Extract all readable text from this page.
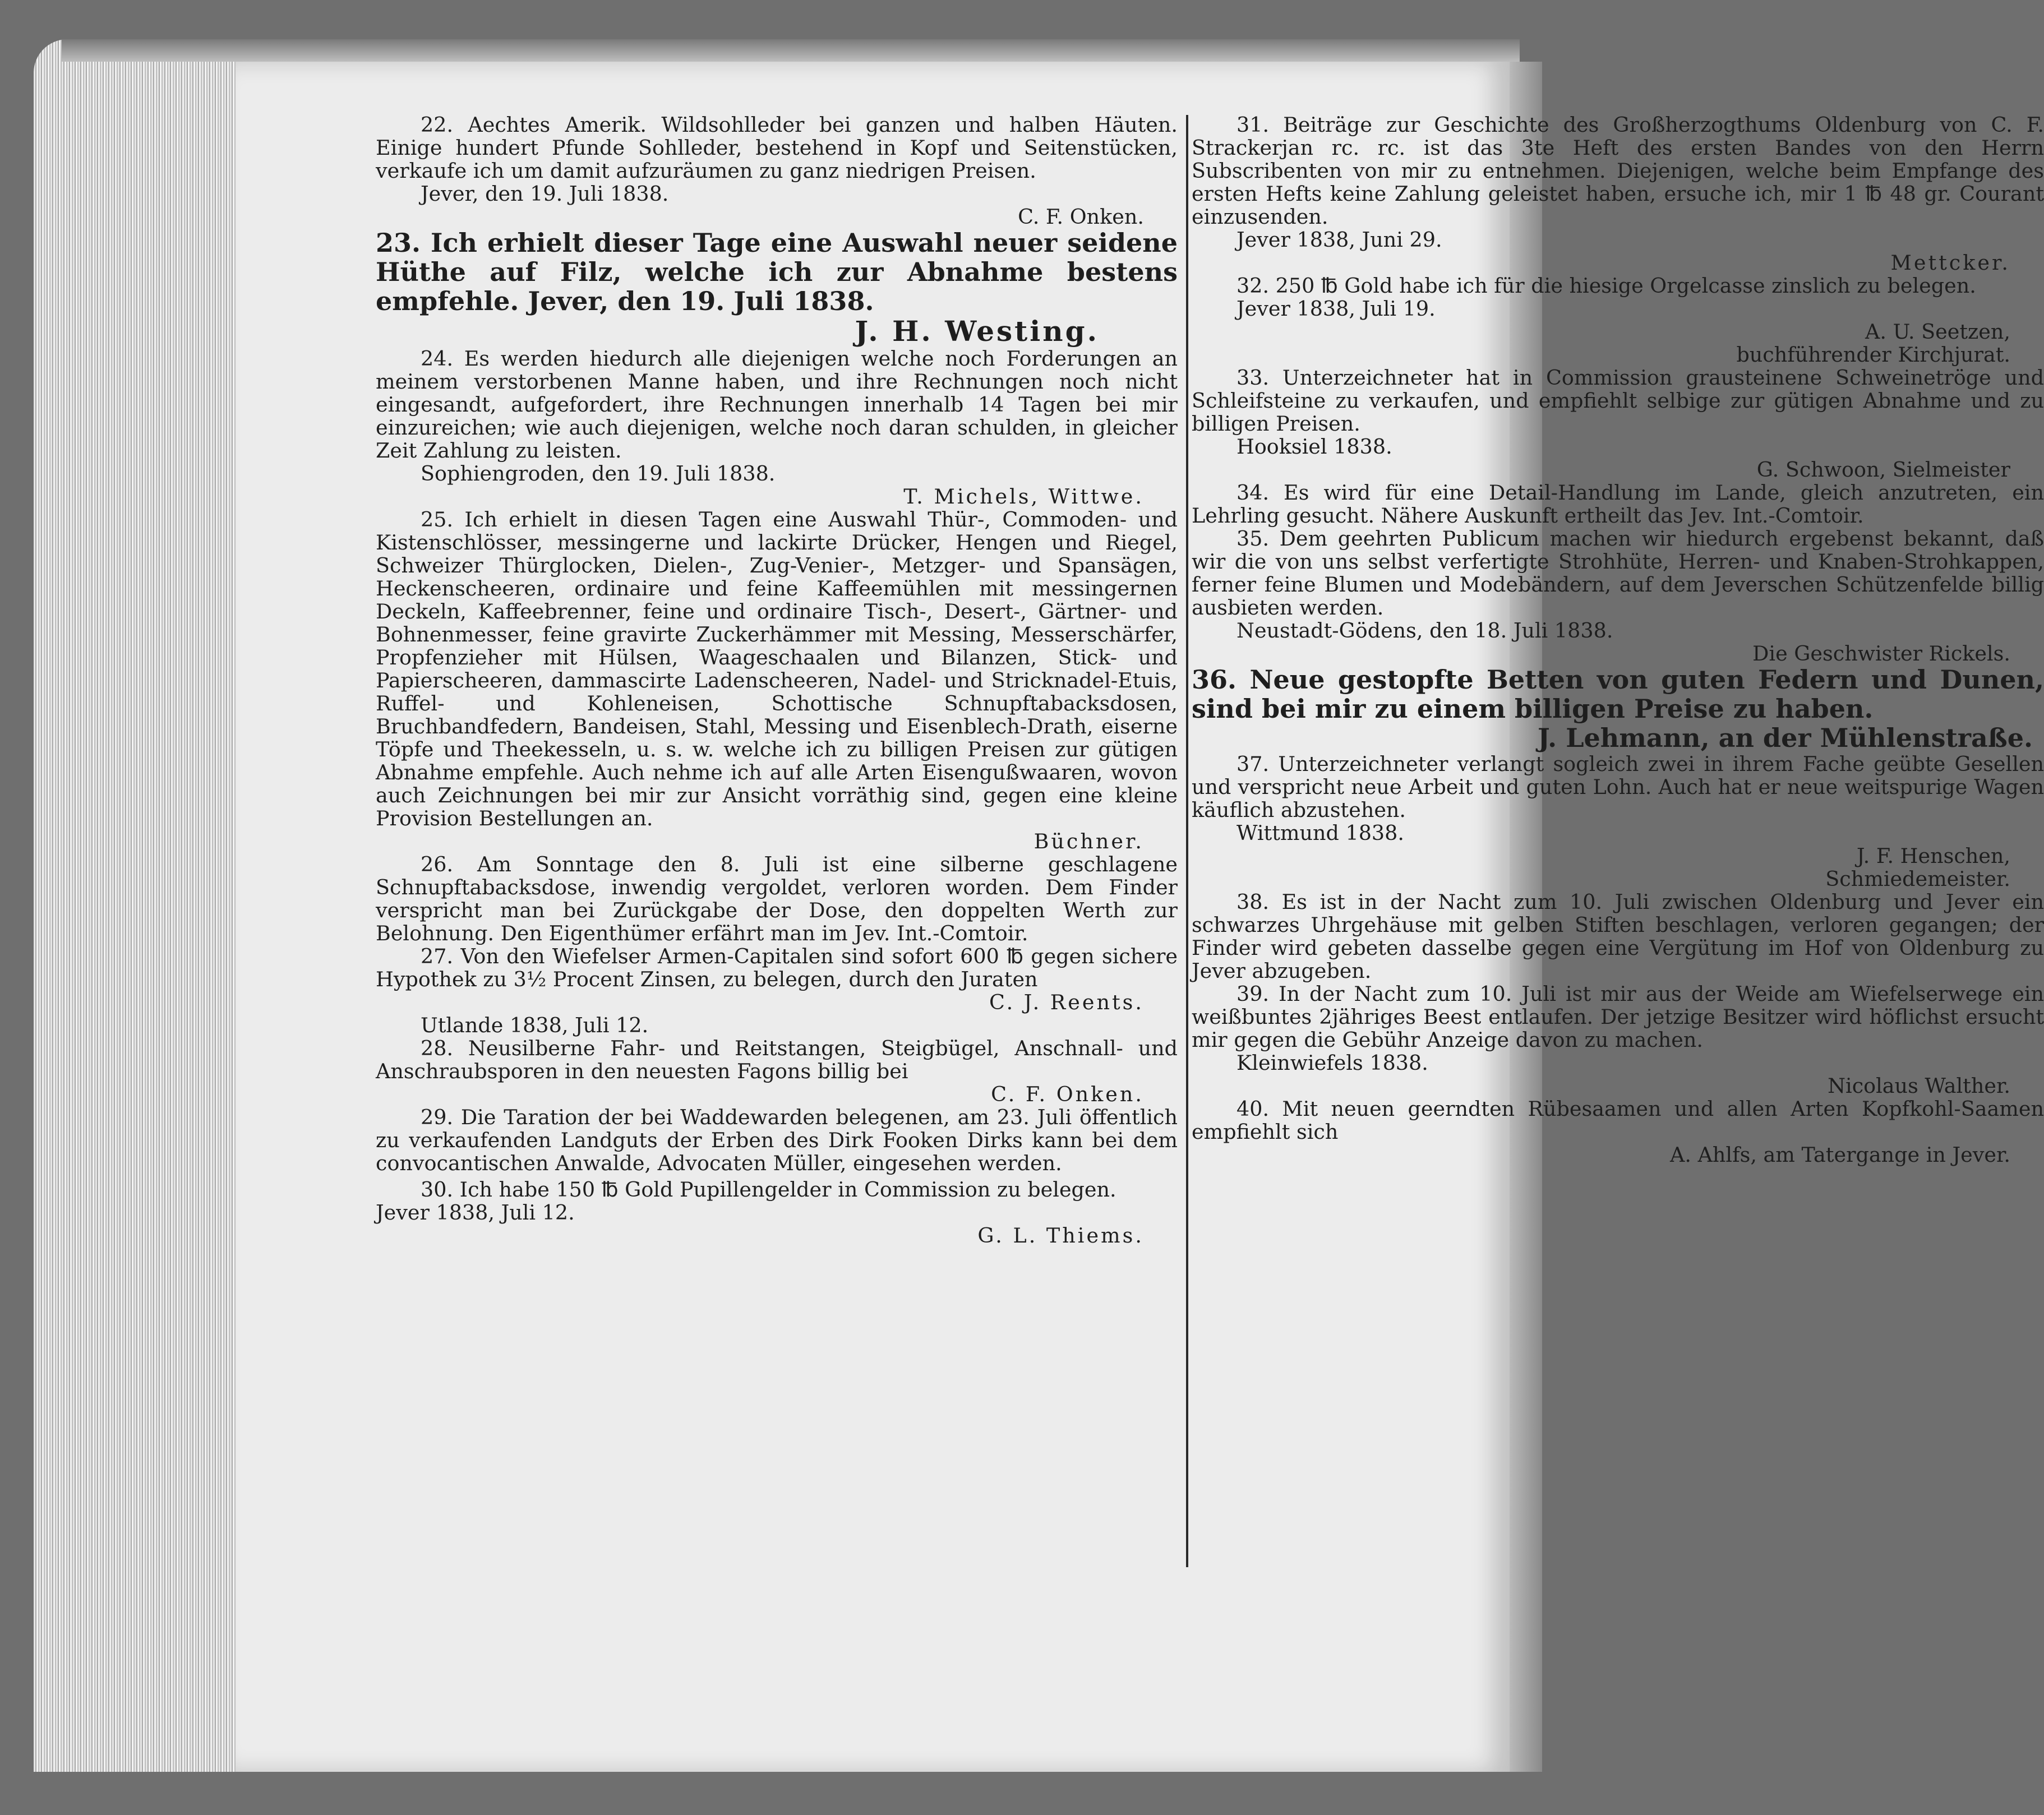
22. Aechtes Amerik. Wildsohlleder bei ganzen und halben Häuten. Einige hundert Pfunde Sohlleder, bestehend in Kopf und Seitenstücken, verkaufe ich um damit aufzuräumen zu ganz niedrigen Preisen.

Jever, den 19. Juli 1838.

C. F. Onken.

23. Ich erhielt dieser Tage eine Auswahl neuer seidene Hüthe auf Filz, welche ich zur Abnahme bestens empfehle. Jever, den 19. Juli 1838.

J. H. Westing.

24. Es werden hiedurch alle diejenigen welche noch Forderungen an meinem verstorbenen Manne haben, und ihre Rechnungen noch nicht eingesandt, aufgefordert, ihre Rechnungen innerhalb 14 Tagen bei mir einzureichen; wie auch diejenigen, welche noch daran schulden, in gleicher Zeit Zahlung zu leisten.

Sophiengroden, den 19. Juli 1838.

T. Michels, Wittwe.

25. Ich erhielt in diesen Tagen eine Auswahl Thür-, Commoden- und Kistenschlösser, messingerne und lackirte Drücker, Hengen und Riegel, Schweizer Thürglocken, Dielen-, Zug-Venier-, Metzger- und Spansägen, Heckenscheeren, ordinaire und feine Kaffeemühlen mit messingernen Deckeln, Kaffeebrenner, feine und ordinaire Tisch-, Desert-, Gärtner- und Bohnenmesser, feine gravirte Zuckerhämmer mit Messing, Messerschärfer, Propfenzieher mit Hülsen, Waageschaalen und Bilanzen, Stick- und Papierscheeren, dammascirte Ladenscheeren, Nadel- und Stricknadel-Etuis, Ruffel- und Kohleneisen, Schottische Schnupftabacksdosen, Bruchbandfedern, Bandeisen, Stahl, Messing und Eisenblech-Drath, eiserne Töpfe und Theekesseln, u. s. w. welche ich zu billigen Preisen zur gütigen Abnahme empfehle. Auch nehme ich auf alle Arten Eisengußwaaren, wovon auch Zeichnungen bei mir zur Ansicht vorräthig sind, gegen eine kleine Provision Bestellungen an.

Büchner.

26. Am Sonntage den 8. Juli ist eine silberne geschlagene Schnupftabacksdose, inwendig vergoldet, verloren worden. Dem Finder verspricht man bei Zurückgabe der Dose, den doppelten Werth zur Belohnung. Den Eigenthümer erfährt man im Jev. Int.-Comtoir.

27. Von den Wiefelser Armen-Capitalen sind sofort 600 ℔ gegen sichere Hypothek zu 3½ Procent Zinsen, zu belegen, durch den Juraten

C. J. Reents.

Utlande 1838, Juli 12.

28. Neusilberne Fahr- und Reitstangen, Steigbügel, Anschnall- und Anschraubsporen in den neuesten Fagons billig bei

C. F. Onken.

29. Die Taration der bei Waddewarden belegenen, am 23. Juli öffentlich zu verkaufenden Landguts der Erben des Dirk Fooken Dirks kann bei dem convocantischen Anwalde, Advocaten Müller, eingesehen werden.

30. Ich habe 150 ℔ Gold Pupillengelder in Commission zu belegen.

Jever 1838, Juli 12.

G. L. Thiems.

31. Beiträge zur Geschichte des Großherzogthums Oldenburg von C. F. Strackerjan rc. rc. ist das 3te Heft des ersten Bandes von den Herrn Subscribenten von mir zu entnehmen. Diejenigen, welche beim Empfange des ersten Hefts keine Zahlung geleistet haben, ersuche ich, mir 1 ℔ 48 gr. Courant einzusenden.

Jever 1838, Juni 29.

Mettcker.

32. 250 ℔ Gold habe ich für die hiesige Orgelcasse zinslich zu belegen.

Jever 1838, Juli 19.

A. U. Seetzen,

buchführender Kirchjurat.

33. Unterzeichneter hat in Commission grausteinene Schweinetröge und Schleifsteine zu verkaufen, und empfiehlt selbige zur gütigen Abnahme und zu billigen Preisen.

Hooksiel 1838.

G. Schwoon, Sielmeister

34. Es wird für eine Detail-Handlung im Lande, gleich anzutreten, ein Lehrling gesucht. Nähere Auskunft ertheilt das Jev. Int.-Comtoir.

35. Dem geehrten Publicum machen wir hiedurch ergebenst bekannt, daß wir die von uns selbst verfertigte Strohhüte, Herren- und Knaben-Strohkappen, ferner feine Blumen und Modebändern, auf dem Jeverschen Schützenfelde billig ausbieten werden.

Neustadt-Gödens, den 18. Juli 1838.

Die Geschwister Rickels.

36. Neue gestopfte Betten von guten Federn und Dunen, sind bei mir zu einem billigen Preise zu haben.

J. Lehmann, an der Mühlenstraße.

37. Unterzeichneter verlangt sogleich zwei in ihrem Fache geübte Gesellen und verspricht neue Arbeit und guten Lohn. Auch hat er neue weitspurige Wagen käuflich abzustehen.

Wittmund 1838.

J. F. Henschen,

Schmiedemeister.

38. Es ist in der Nacht zum 10. Juli zwischen Oldenburg und Jever ein schwarzes Uhrgehäuse mit gelben Stiften beschlagen, verloren gegangen; der Finder wird gebeten dasselbe gegen eine Vergütung im Hof von Oldenburg zu Jever abzugeben.

39. In der Nacht zum 10. Juli ist mir aus der Weide am Wiefelserwege ein weißbuntes 2jähriges Beest entlaufen. Der jetzige Besitzer wird höflichst ersucht mir gegen die Gebühr Anzeige davon zu machen.

Kleinwiefels 1838.

Nicolaus Walther.

40. Mit neuen geerndten Rübesaamen und allen Arten Kopfkohl-Saamen empfiehlt sich

A. Ahlfs, am Tatergange in Jever.
